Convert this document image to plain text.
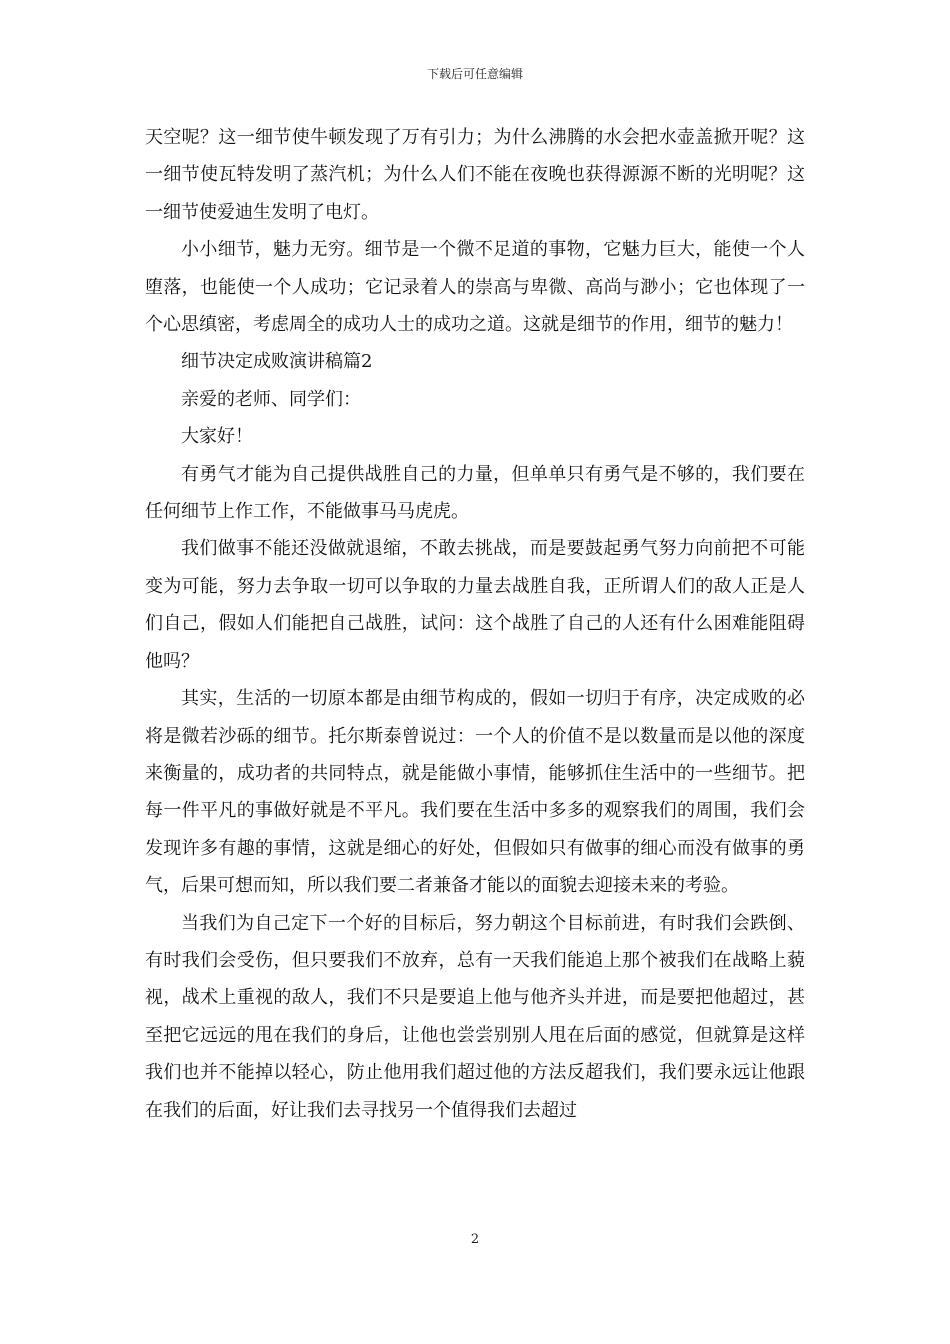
下载后可任意编辑

天空呢？这一细节使牛顿发现了万有引力；为什么沸腾的水会把水壶盖掀开呢？这一细节使瓦特发明了蒸汽机；为什么人们不能在夜晚也获得源源不断的光明呢？这一细节使爱迪生发明了电灯。

小小细节，魅力无穷。细节是一个微不足道的事物，它魅力巨大，能使一个人堕落，也能使一个人成功；它记录着人的崇高与卑微、高尚与渺小；它也体现了一个心思缜密，考虑周全的成功人士的成功之道。这就是细节的作用，细节的魅力！

细节决定成败演讲稿篇2

亲爱的老师、同学们：

大家好！

有勇气才能为自己提供战胜自己的力量，但单单只有勇气是不够的，我们要在任何细节上作工作，不能做事马马虎虎。

我们做事不能还没做就退缩，不敢去挑战，而是要鼓起勇气努力向前把不可能变为可能，努力去争取一切可以争取的力量去战胜自我，正所谓人们的敌人正是人们自己，假如人们能把自己战胜，试问：这个战胜了自己的人还有什么困难能阻碍他吗？

其实，生活的一切原本都是由细节构成的，假如一切归于有序，决定成败的必将是微若沙砾的细节。托尔斯泰曾说过：一个人的价值不是以数量而是以他的深度来衡量的，成功者的共同特点，就是能做小事情，能够抓住生活中的一些细节。把每一件平凡的事做好就是不平凡。我们要在生活中多多的观察我们的周围，我们会发现许多有趣的事情，这就是细心的好处，但假如只有做事的细心而没有做事的勇气，后果可想而知，所以我们要二者兼备才能以的面貌去迎接未来的考验。

当我们为自己定下一个好的目标后，努力朝这个目标前进，有时我们会跌倒、有时我们会受伤，但只要我们不放弃，总有一天我们能追上那个被我们在战略上藐视，战术上重视的敌人，我们不只是要追上他与他齐头并进，而是要把他超过，甚至把它远远的甩在我们的身后，让他也尝尝别别人甩在后面的感觉，但就算是这样我们也并不能掉以轻心，防止他用我们超过他的方法反超我们，我们要永远让他跟在我们的后面，好让我们去寻找另一个值得我们去超过

2
